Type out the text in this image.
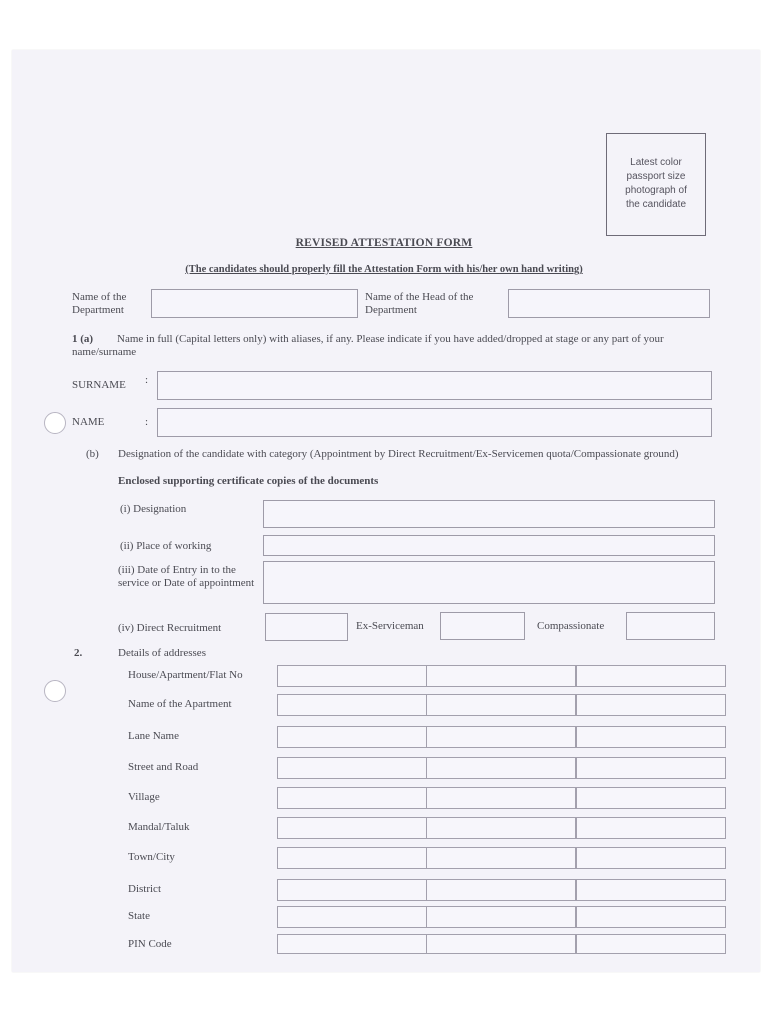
Latest color
passport size
photograph of
the candidate
REVISED ATTESTATION FORM
(The candidates should properly fill the Attestation Form with his/her own hand writing)
Name of the
Department
Name of the Head of the
Department
1 (a)	Name in full (Capital letters only) with aliases, if any. Please indicate if you have added/dropped at stage or any part of your name/surname
SURNAME :
NAME	:
(b) Designation of the candidate with category (Appointment by Direct Recruitment/Ex-Servicemen quota/Compassionate ground)
Enclosed supporting certificate copies of the documents
(i) Designation
(ii) Place of working
(iii) Date of Entry in to the service or Date of appointment
(iv) Direct Recruitment	Ex-Serviceman	Compassionate
2.	Details of addresses
House/Apartment/Flat No
Name of the Apartment
Lane Name
Street and Road
Village
Mandal/Taluk
Town/City
District
State
PIN Code
